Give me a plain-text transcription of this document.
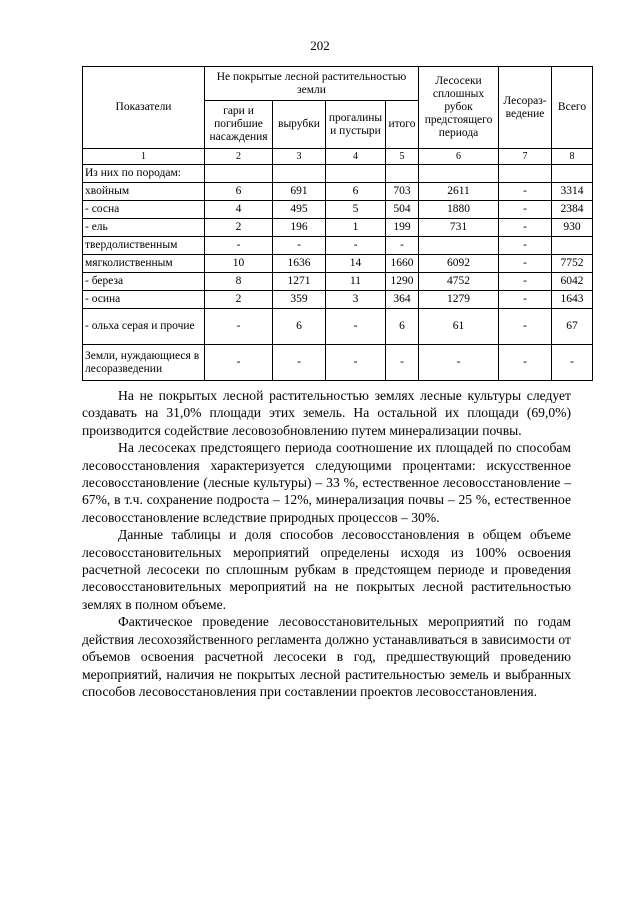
202
Показатели	Не покрытые лесной растительностью земли				Лесосеки сплошных рубок предстоящего периода	Лесораз-ведение	Всего
	гари и погибшие насаждения	вырубки	прогалины и пустыри	итого			
1	2	3	4	5	6	7	8
Из них по породам:							
хвойным	6	691	6	703	2611	-	3314
- сосна	4	495	5	504	1880	-	2384
- ель	2	196	1	199	731	-	930
твердолиственным	-	-	-	-		-	
мягколиственным	10	1636	14	1660	6092	-	7752
- береза	8	1271	11	1290	4752	-	6042
- осина	2	359	3	364	1279	-	1643
- ольха серая и прочие	-	6	-	6	61	-	67
Земли, нуждающиеся в лесоразведении	-	-	-	-	-	-	-

На не покрытых лесной растительностью землях лесные культуры следует создавать на 31,0% площади этих земель. На остальной их площади (69,0%) производится содействие лесовозобновлению путем минерализации почвы.

На лесосеках предстоящего периода соотношение их площадей по способам лесовосстановления характеризуется следующими процентами: искусственное лесовосстановление (лесные культуры) – 33 %, естественное лесовосстановление – 67%, в т.ч. сохранение подроста – 12%, минерализация почвы – 25 %, естественное лесовосстановление вследствие природных процессов – 30%.

Данные таблицы и доля способов лесовосстановления в общем объеме лесовосстановительных мероприятий определены исходя из 100% освоения расчетной лесосеки по сплошным рубкам в предстоящем периоде и проведения лесовосстановительных мероприятий на не покрытых лесной растительностью землях в полном объеме.

Фактическое проведение лесовосстановительных мероприятий по годам действия лесохозяйственного регламента должно устанавливаться в зависимости от объемов освоения расчетной лесосеки в год, предшествующий проведению мероприятий, наличия не покрытых лесной растительностью земель и выбранных способов лесовосстановления при составлении проектов лесовосстановления.
